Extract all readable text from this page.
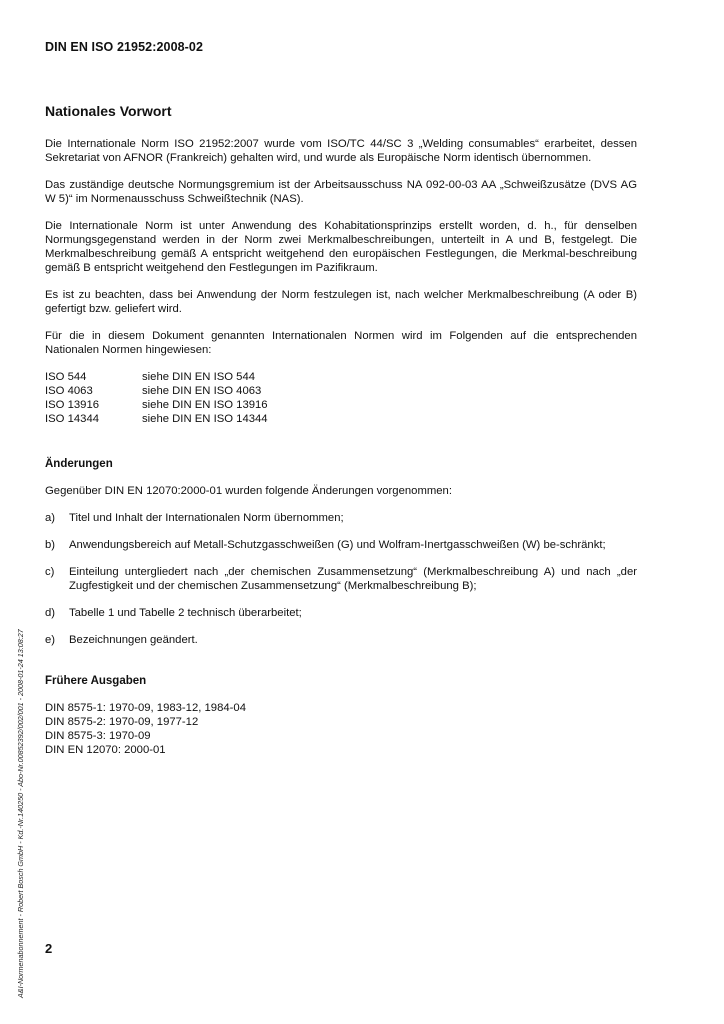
DIN EN ISO 21952:2008-02
Nationales Vorwort

Die Internationale Norm ISO 21952:2007 wurde vom ISO/TC 44/SC 3 „Welding consumables“ erarbeitet, dessen Sekretariat von AFNOR (Frankreich) gehalten wird, und wurde als Europäische Norm identisch übernommen.

Das zuständige deutsche Normungsgremium ist der Arbeitsausschuss NA 092-00-03 AA „Schweißzusätze (DVS AG W 5)“ im Normenausschuss Schweißtechnik (NAS).

Die Internationale Norm ist unter Anwendung des Kohabitationsprinzips erstellt worden, d. h., für denselben Normungsgegenstand werden in der Norm zwei Merkmalbeschreibungen, unterteilt in A und B, festgelegt. Die Merkmalbeschreibung gemäß A entspricht weitgehend den europäischen Festlegungen, die Merkmal-beschreibung gemäß B entspricht weitgehend den Festlegungen im Pazifikraum.

Es ist zu beachten, dass bei Anwendung der Norm festzulegen ist, nach welcher Merkmalbeschreibung (A oder B) gefertigt bzw. geliefert wird.

Für die in diesem Dokument genannten Internationalen Normen wird im Folgenden auf die entsprechenden Nationalen Normen hingewiesen:

ISO 544	siehe DIN EN ISO 544
ISO 4063	siehe DIN EN ISO 4063
ISO 13916	siehe DIN EN ISO 13916
ISO 14344	siehe DIN EN ISO 14344
Änderungen
Gegenüber DIN EN 12070:2000-01 wurden folgende Änderungen vorgenommen:
a)	Titel und Inhalt der Internationalen Norm übernommen;
b)	Anwendungsbereich auf Metall-Schutzgasschweißen (G) und Wolfram-Inertgasschweißen (W) be-schränkt;
c)	Einteilung untergliedert nach „der chemischen Zusammensetzung“ (Merkmalbeschreibung A) und nach „der Zugfestigkeit und der chemischen Zusammensetzung“ (Merkmalbeschreibung B);
d)	Tabelle 1 und Tabelle 2 technisch überarbeitet;
e)	Bezeichnungen geändert.
Frühere Ausgaben
DIN 8575-1: 1970-09, 1983-12, 1984-04
DIN 8575-2: 1970-09, 1977-12
DIN 8575-3: 1970-09
DIN EN 12070: 2000-01
2
A&I-Normenabonnement - Robert Bosch GmbH - Kd.-Nr.140250 - Abo-Nr.00852392/002/001 - 2008-01-24 13:08:27
